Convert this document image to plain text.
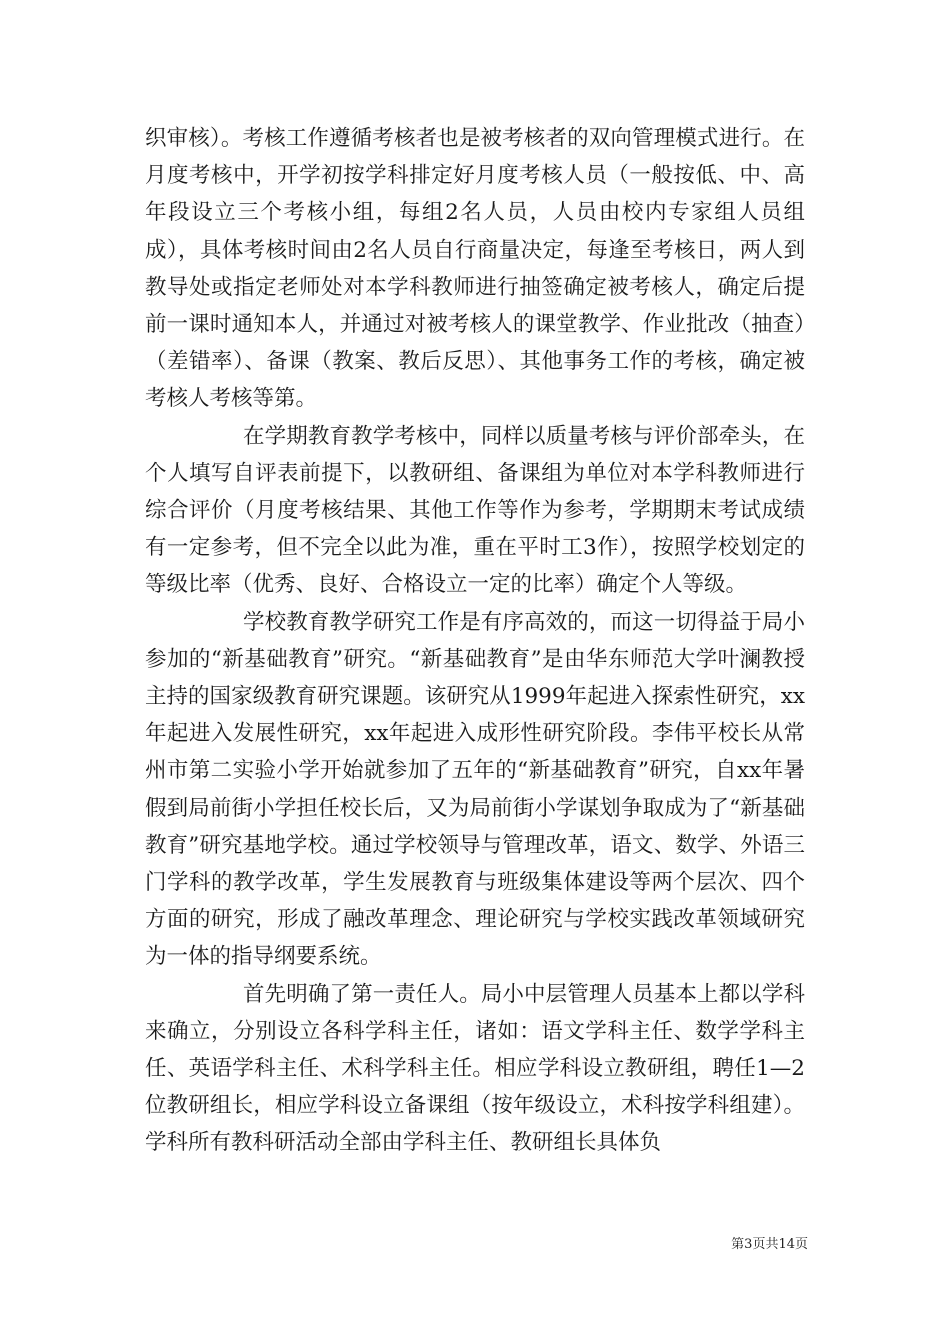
织审核）。考核工作遵循考核者也是被考核者的双向管理模式进行。在月度考核中，开学初按学科排定好月度考核人员（一般按低、中、高年段设立三个考核小组，每组2名人员，人员由校内专家组人员组成），具体考核时间由2名人员自行商量决定，每逢至考核日，两人到教导处或指定老师处对本学科教师进行抽签确定被考核人，确定后提前一课时通知本人，并通过对被考核人的课堂教学、作业批改（抽查）（差错率）、备课（教案、教后反思）、其他事务工作的考核，确定被考核人考核等第。

在学期教育教学考核中，同样以质量考核与评价部牵头，在个人填写自评表前提下，以教研组、备课组为单位对本学科教师进行综合评价（月度考核结果、其他工作等作为参考，学期期末考试成绩有一定参考，但不完全以此为准，重在平时工3作），按照学校划定的等级比率（优秀、良好、合格设立一定的比率）确定个人等级。

学校教育教学研究工作是有序高效的，而这一切得益于局小参加的“新基础教育”研究。“新基础教育”是由华东师范大学叶澜教授主持的国家级教育研究课题。该研究从1999年起进入探索性研究，xx年起进入发展性研究，xx年起进入成形性研究阶段。李伟平校长从常州市第二实验小学开始就参加了五年的“新基础教育”研究，自xx年暑假到局前街小学担任校长后，又为局前街小学谋划争取成为了“新基础教育”研究基地学校。通过学校领导与管理改革，语文、数学、外语三门学科的教学改革，学生发展教育与班级集体建设等两个层次、四个方面的研究，形成了融改革理念、理论研究与学校实践改革领域研究为一体的指导纲要系统。

首先明确了第一责任人。局小中层管理人员基本上都以学科来确立，分别设立各科学科主任，诸如：语文学科主任、数学学科主任、英语学科主任、术科学科主任。相应学科设立教研组，聘任1—2位教研组长，相应学科设立备课组（按年级设立，术科按学科组建）。学科所有教科研活动全部由学科主任、教研组长具体负

第3页共14页
